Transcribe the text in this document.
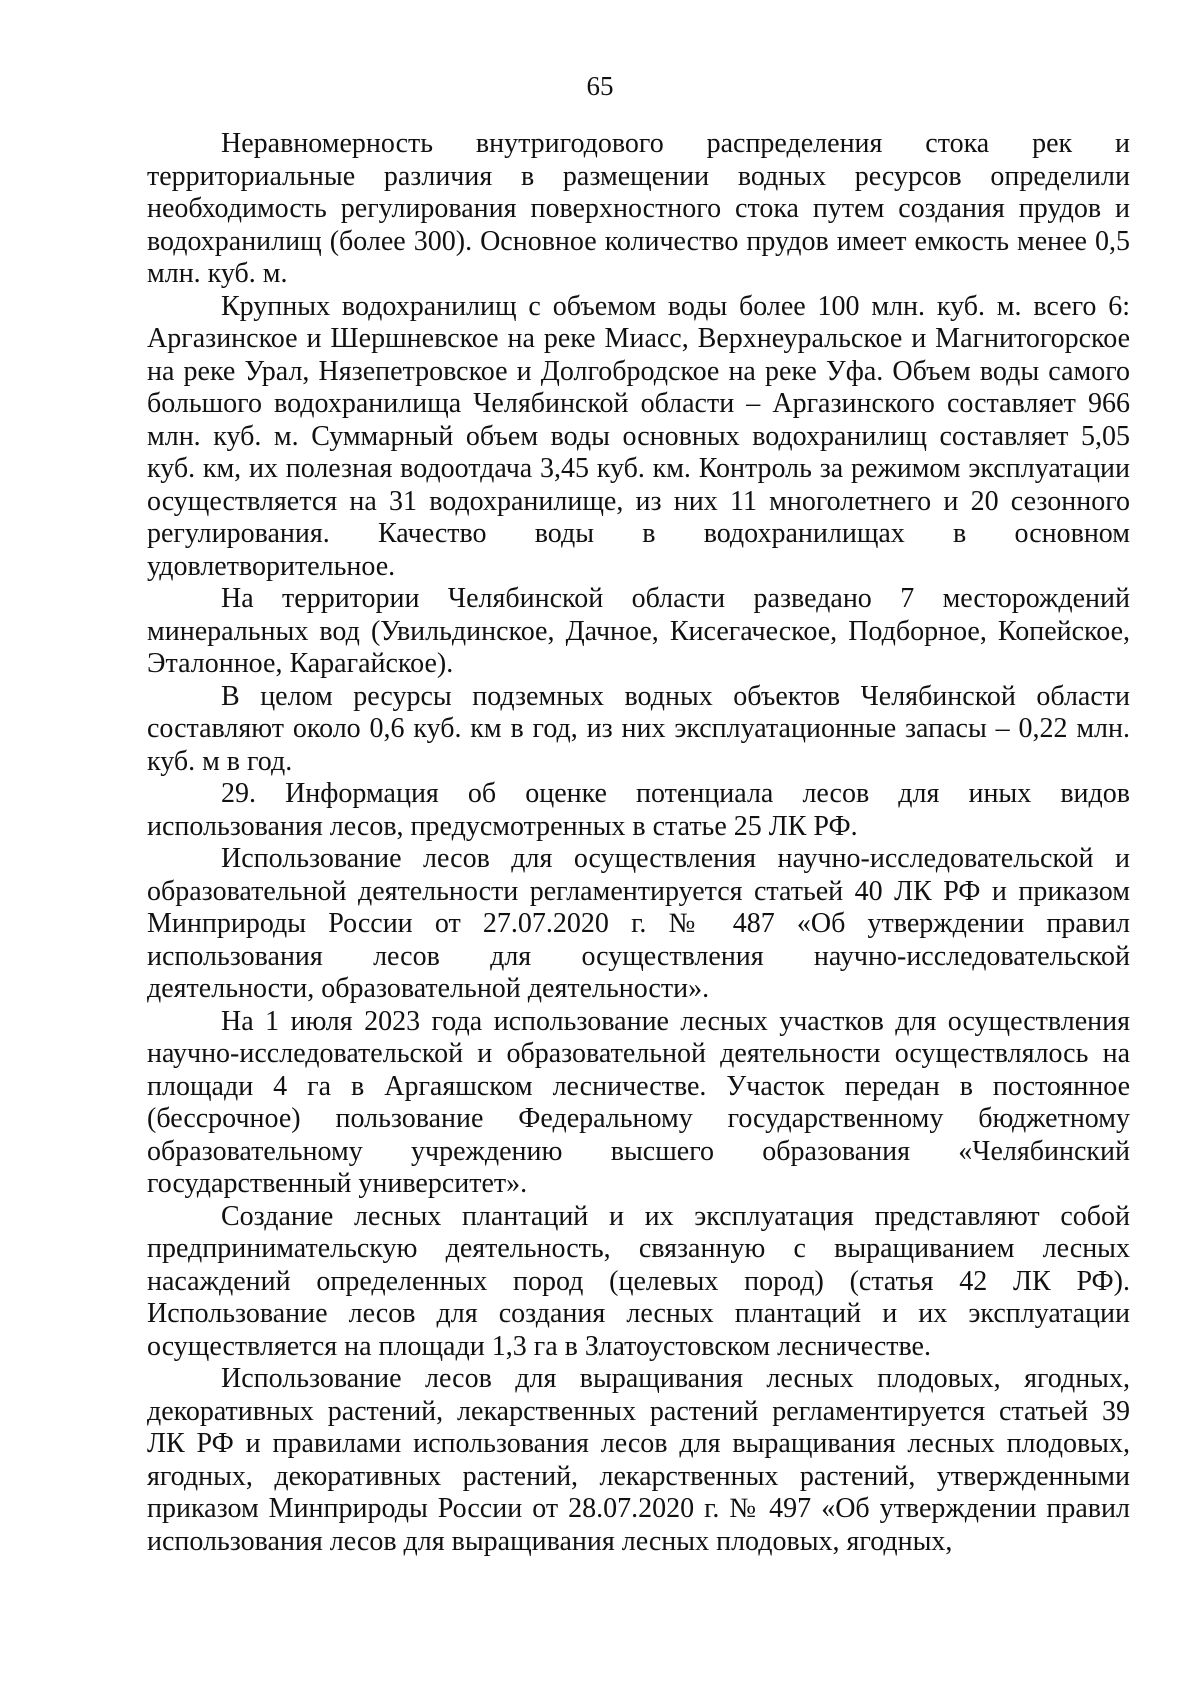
65

Неравномерность внутригодового распределения стока рек и территориальные различия в размещении водных ресурсов определили необходимость регулирования поверхностного стока путем создания прудов и водохранилищ (более 300). Основное количество прудов имеет емкость менее 0,5 млн. куб. м.

Крупных водохранилищ с объемом воды более 100 млн. куб. м. всего 6: Аргазинское и Шершневское на реке Миасс, Верхнеуральское и Магнитогорское на реке Урал, Нязепетровское и Долгобродское на реке Уфа. Объем воды самого большого водохранилища Челябинской области – Аргазинского составляет 966 млн. куб. м. Суммарный объем воды основных водохранилищ составляет 5,05 куб. км, их полезная водоотдача 3,45 куб. км. Контроль за режимом эксплуатации осуществляется на 31 водохранилище, из них 11 многолетнего и 20 сезонного регулирования. Качество воды в водохранилищах в основном удовлетворительное.

На территории Челябинской области разведано 7 месторождений минеральных вод (Увильдинское, Дачное, Кисегаческое, Подборное, Копейское, Эталонное, Карагайское).

В целом ресурсы подземных водных объектов Челябинской области составляют около 0,6 куб. км в год, из них эксплуатационные запасы – 0,22 млн. куб. м в год.

29. Информация об оценке потенциала лесов для иных видов использования лесов, предусмотренных в статье 25 ЛК РФ.

Использование лесов для осуществления научно-исследовательской и образовательной деятельности регламентируется статьей 40 ЛК РФ и приказом Минприроды России от 27.07.2020 г. № 487 «Об утверждении правил использования лесов для осуществления научно-исследовательской деятельности, образовательной деятельности».

На 1 июля 2023 года использование лесных участков для осуществления научно-исследовательской и образовательной деятельности осуществлялось на площади 4 га в Аргаяшском лесничестве. Участок передан в постоянное (бессрочное) пользование Федеральному государственному бюджетному образовательному учреждению высшего образования «Челябинский государственный университет».

Создание лесных плантаций и их эксплуатация представляют собой предпринимательскую деятельность, связанную с выращиванием лесных насаждений определенных пород (целевых пород) (статья 42 ЛК РФ). Использование лесов для создания лесных плантаций и их эксплуатации осуществляется на площади 1,3 га в Златоустовском лесничестве.

Использование лесов для выращивания лесных плодовых, ягодных, декоративных растений, лекарственных растений регламентируется статьей 39 ЛК РФ и правилами использования лесов для выращивания лесных плодовых, ягодных, декоративных растений, лекарственных растений, утвержденными приказом Минприроды России от 28.07.2020 г. № 497 «Об утверждении правил использования лесов для выращивания лесных плодовых, ягодных,
